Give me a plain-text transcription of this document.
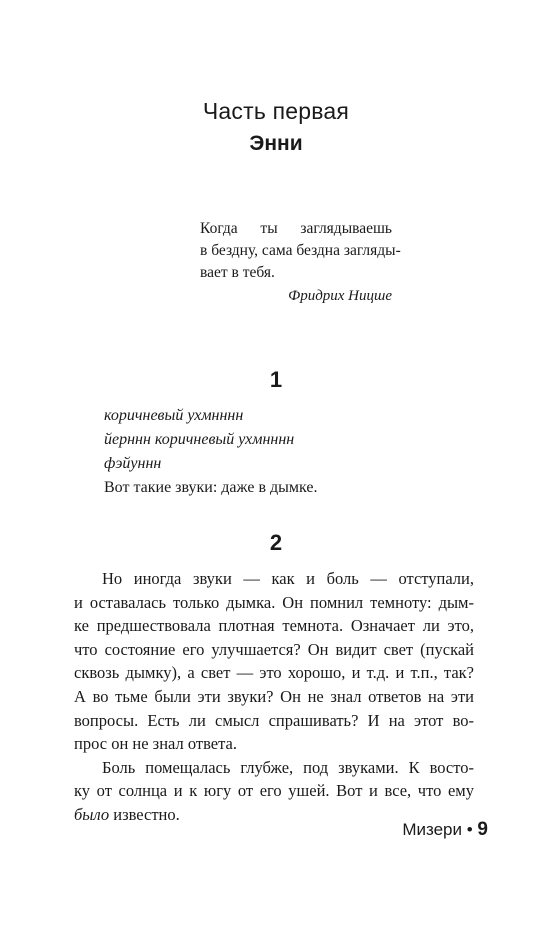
Часть первая
Энни
Когда ты заглядываешь
в бездну, сама бездна загляды-
вает в тебя.
Фридрих Ницше
1
коричневый ухмнннн
йерннн коричневый ухмнннн
фэйуннн
Вот такие звуки: даже в дымке.
2
Но иногда звуки — как и боль — отступали,
и оставалась только дымка. Он помнил темноту: дым-
ке предшествовала плотная темнота. Означает ли это,
что состояние его улучшается? Он видит свет (пускай
сквозь дымку), а свет — это хорошо, и т.д. и т.п., так?
А во тьме были эти звуки? Он не знал ответов на эти
вопросы. Есть ли смысл спрашивать? И на этот во-
прос он не знал ответа.
Боль помещалась глубже, под звуками. К восто-
ку от солнца и к югу от его ушей. Вот и все, что ему
было известно.
Мизери • 9
